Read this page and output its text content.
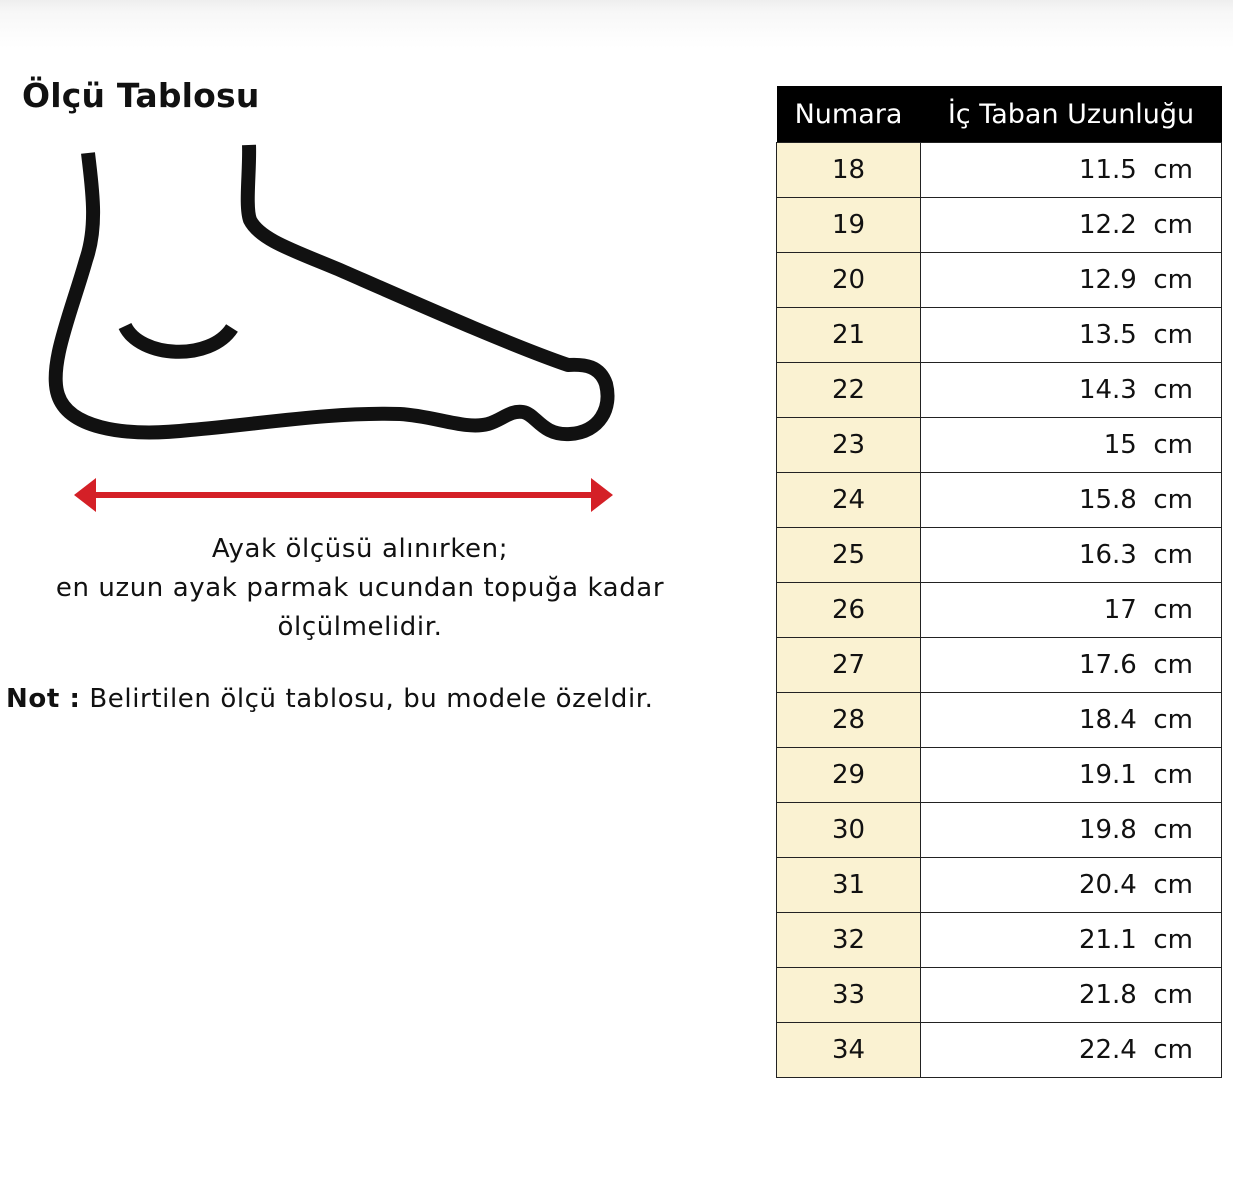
Ölçü Tablosu
Ayak ölçüsü alınırken;
en uzun ayak parmak ucundan topuğa kadar
ölçülmelidir.
Not : Belirtilen ölçü tablosu, bu modele özeldir.
Numara	İç Taban Uzunluğu
18	11.5  cm
19	12.2  cm
20	12.9  cm
21	13.5  cm
22	14.3  cm
23	15  cm
24	15.8  cm
25	16.3  cm
26	17  cm
27	17.6  cm
28	18.4  cm
29	19.1  cm
30	19.8  cm
31	20.4  cm
32	21.1  cm
33	21.8  cm
34	22.4  cm
